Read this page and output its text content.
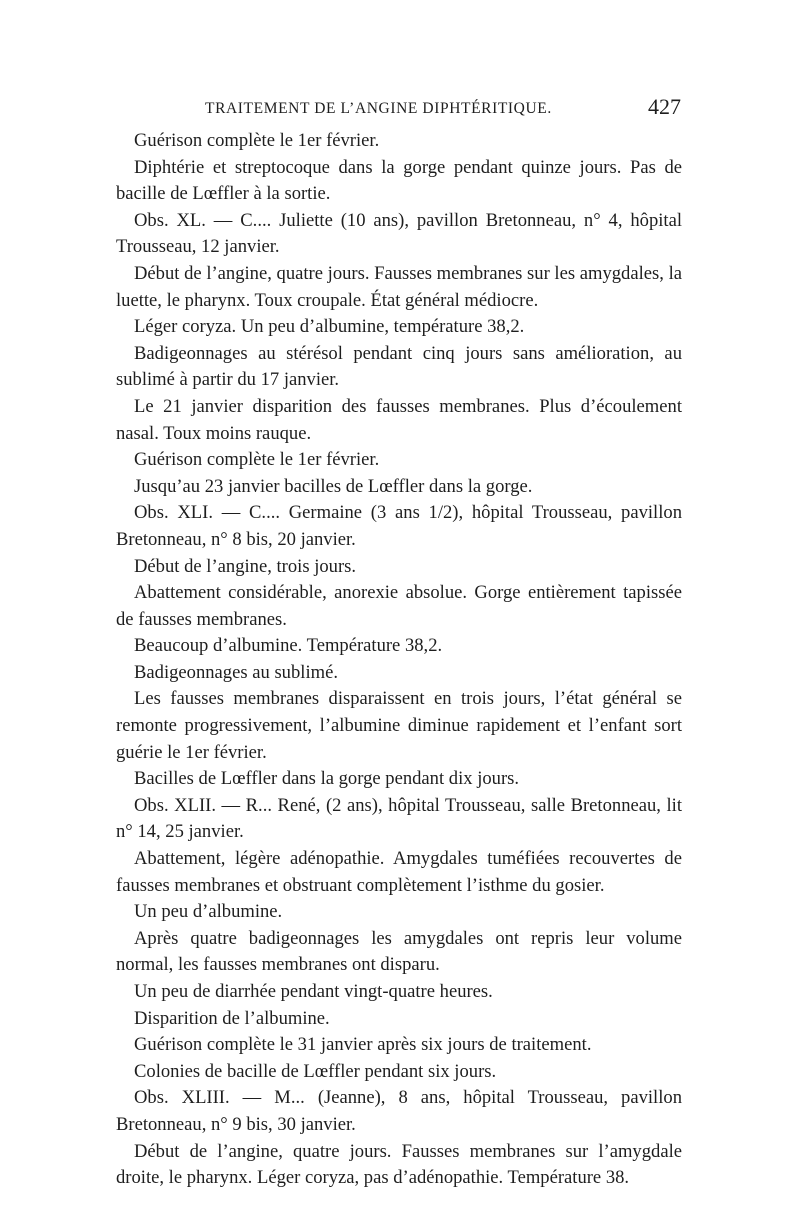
TRAITEMENT DE L’ANGINE DIPHTÉRITIQUE.	427

Guérison complète le 1er février.

Diphtérie et streptocoque dans la gorge pendant quinze jours. Pas de bacille de Lœffler à la sortie.

Obs. XL. — C.... Juliette (10 ans), pavillon Bretonneau, n° 4, hôpital Trousseau, 12 janvier.

Début de l’angine, quatre jours. Fausses membranes sur les amygdales, la luette, le pharynx. Toux croupale. État général médiocre.

Léger coryza. Un peu d’albumine, température 38,2.

Badigeonnages au stérésol pendant cinq jours sans amélioration, au sublimé à partir du 17 janvier.

Le 21 janvier disparition des fausses membranes. Plus d’écoulement nasal. Toux moins rauque.

Guérison complète le 1er février.

Jusqu’au 23 janvier bacilles de Lœffler dans la gorge.

Obs. XLI. — C.... Germaine (3 ans 1/2), hôpital Trousseau, pavillon Bretonneau, n° 8 bis, 20 janvier.

Début de l’angine, trois jours.

Abattement considérable, anorexie absolue. Gorge entièrement tapissée de fausses membranes.

Beaucoup d’albumine. Température 38,2.

Badigeonnages au sublimé.

Les fausses membranes disparaissent en trois jours, l’état général se remonte progressivement, l’albumine diminue rapidement et l’enfant sort guérie le 1er février.

Bacilles de Lœffler dans la gorge pendant dix jours.

Obs. XLII. — R... René, (2 ans), hôpital Trousseau, salle Bretonneau, lit n° 14, 25 janvier.

Abattement, légère adénopathie. Amygdales tuméfiées recouvertes de fausses membranes et obstruant complètement l’isthme du gosier.

Un peu d’albumine.

Après quatre badigeonnages les amygdales ont repris leur volume normal, les fausses membranes ont disparu.

Un peu de diarrhée pendant vingt-quatre heures.

Disparition de l’albumine.

Guérison complète le 31 janvier après six jours de traitement.

Colonies de bacille de Lœffler pendant six jours.

Obs. XLIII. — M... (Jeanne), 8 ans, hôpital Trousseau, pavillon Bretonneau, n° 9 bis, 30 janvier.

Début de l’angine, quatre jours. Fausses membranes sur l’amygdale droite, le pharynx. Léger coryza, pas d’adénopathie. Température 38.
